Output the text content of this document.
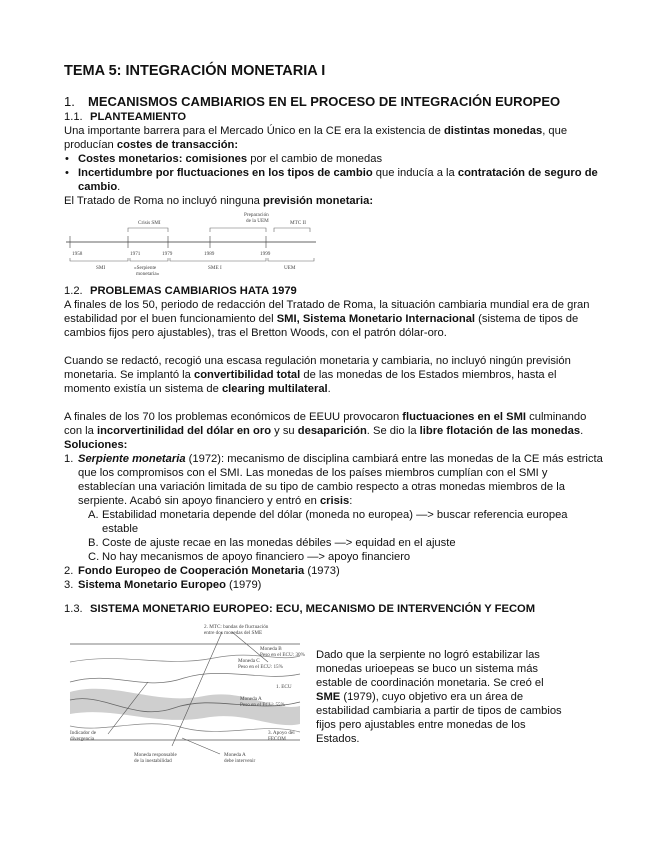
TEMA 5: INTEGRACIÓN MONETARIA I
1. MECANISMOS CAMBIARIOS EN EL PROCESO DE INTEGRACIÓN EUROPEO
1.1. PLANTEAMIENTO

Una importante barrera para el Mercado Único en la CE era la existencia de distintas monedas, que producían costes de transacción:

• Costes monetarios: comisiones por el cambio de monedas
• Incertidumbre por fluctuaciones en los tipos de cambio que inducía a la contratación de seguro de cambio.

El Tratado de Roma no incluyó ninguna previsión monetaria:

Preparación
de la UEM
Crisis SMI	MTC II
1958	1971	1979	1989	1999
SMI	«Serpiente
monetaria»
SME I	UEM
1.2. PROBLEMAS CAMBIARIOS HATA 1979

A finales de los 50, periodo de redacción del Tratado de Roma, la situación cambiaria mundial era de gran estabilidad por el buen funcionamiento del SMI, Sistema Monetario Internacional (sistema de tipos de cambios fijos pero ajustables), tras el Bretton Woods, con el patrón dólar-oro.

Cuando se redactó, recogió una escasa regulación monetaria y cambiaria, no incluyó ningún previsión monetaria. Se implantó la convertibilidad total de las monedas de los Estados miembros, hasta el momento existía un sistema de clearing multilateral.

A finales de los 70 los problemas económicos de EEUU provocaron fluctuaciones en el SMI culminando con la incorvertinilidad del dólar en oro y su desaparición. Se dio la libre flotación de las monedas. Soluciones:

1. Serpiente monetaria (1972): mecanismo de disciplina cambiará entre las monedas de la CE más estricta que los compromisos con el SMI. Las monedas de los países miembros cumplían con el SMI y establecían una variación limitada de su tipo de cambio respecto a otras monedas miembros de la serpiente. Acabó sin apoyo financiero y entró en crisis:
A. Estabilidad monetaria depende del dólar (moneda no europea) —> buscar referencia europea estable
B. Coste de ajuste recae en las monedas débiles —> equidad en el ajuste
C. No hay mecanismos de apoyo financiero —> apoyo financiero
2. Fondo Europeo de Cooperación Monetaria (1973)
3. Sistema Monetario Europeo (1979)
1.3. SISTEMA MONETARIO EUROPEO: ECU, MECANISMO DE INTERVENCIÓN Y FECOM
2. MTC: bandas de fluctuación
entre dos monedas del SME
Moneda B
Peso en el ECU: 30%
Moneda C
Peso en el ECU: 15%
1. ECU
Moneda A
Peso en el ECU: 55%
Indicador de
divergencia
3. Apoyo del
FECOM
Moneda responsable
de la inestabilidad
Moneda A
debe intervenir

Dado que la serpiente no logró estabilizar las monedas urioepeas se buco un sistema más estable de coordinación monetaria. Se creó el SME (1979), cuyo objetivo era un área de estabilidad cambiaria a partir de tipos de cambios fijos pero ajustables entre monedas de los Estados.
